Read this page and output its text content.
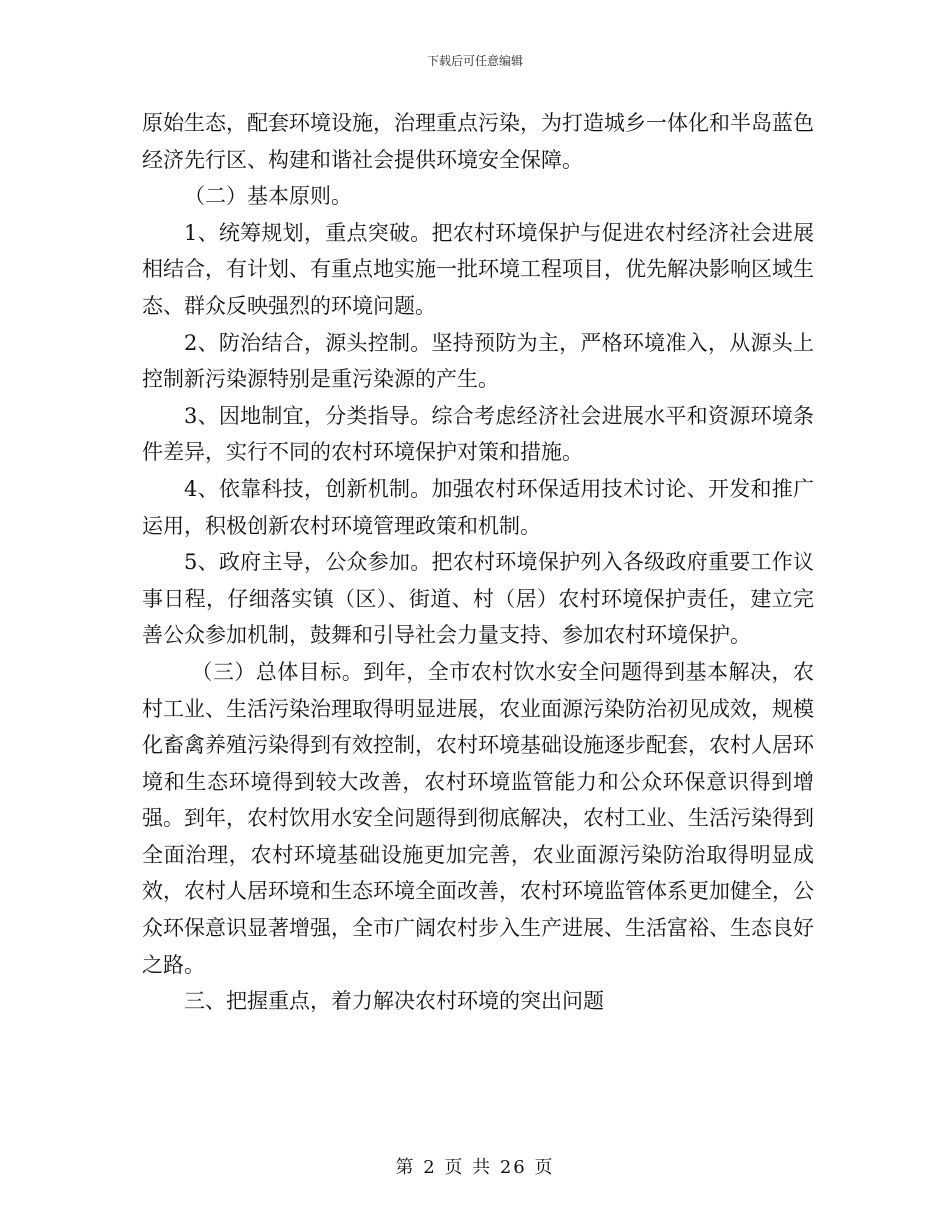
下载后可任意编辑

原始生态，配套环境设施，治理重点污染，为打造城乡一体化和半岛蓝色经济先行区、构建和谐社会提供环境安全保障。

（二）基本原则。

1、统筹规划，重点突破。把农村环境保护与促进农村经济社会进展相结合，有计划、有重点地实施一批环境工程项目，优先解决影响区域生态、群众反映强烈的环境问题。

2、防治结合，源头控制。坚持预防为主，严格环境准入，从源头上控制新污染源特别是重污染源的产生。

3、因地制宜，分类指导。综合考虑经济社会进展水平和资源环境条件差异，实行不同的农村环境保护对策和措施。

4、依靠科技，创新机制。加强农村环保适用技术讨论、开发和推广运用，积极创新农村环境管理政策和机制。

5、政府主导，公众参加。把农村环境保护列入各级政府重要工作议事日程，仔细落实镇（区）、街道、村（居）农村环境保护责任，建立完善公众参加机制，鼓舞和引导社会力量支持、参加农村环境保护。

（三）总体目标。到年，全市农村饮水安全问题得到基本解决，农村工业、生活污染治理取得明显进展，农业面源污染防治初见成效，规模化畜禽养殖污染得到有效控制，农村环境基础设施逐步配套，农村人居环境和生态环境得到较大改善，农村环境监管能力和公众环保意识得到增强。到年，农村饮用水安全问题得到彻底解决，农村工业、生活污染得到全面治理，农村环境基础设施更加完善，农业面源污染防治取得明显成效，农村人居环境和生态环境全面改善，农村环境监管体系更加健全，公众环保意识显著增强，全市广阔农村步入生产进展、生活富裕、生态良好之路。

三、把握重点，着力解决农村环境的突出问题

第 2 页 共 26 页
